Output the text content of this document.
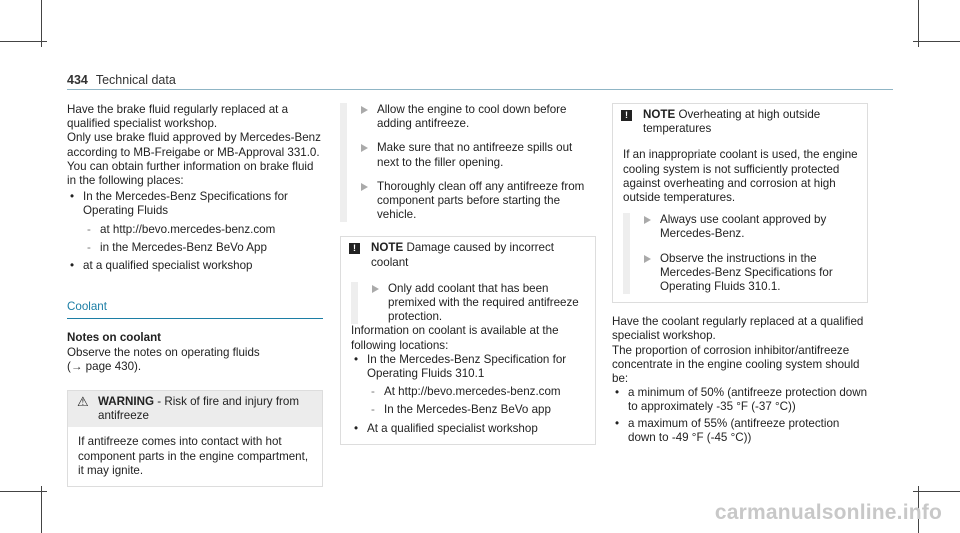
434 Technical data

Have the brake fluid regularly replaced at a qualified specialist workshop.

Only use brake fluid approved by Mercedes-Benz according to MB-Freigabe or MB-Approval 331.0.

You can obtain further information on brake fluid in the following places:

• In the Mercedes-Benz Specifications for Operating Fluids
- at http://bevo.mercedes-benz.com
- in the Mercedes-Benz BeVo App
• at a qualified specialist workshop
Coolant

Notes on coolant

Observe the notes on operating fluids

(→ page 430).

⚠ WARNING - Risk of fire and injury from antifreeze
If antifreeze comes into contact with hot component parts in the engine compartment, it may ignite.
Allow the engine to cool down before adding antifreeze.
Make sure that no antifreeze spills out next to the filler opening.
Thoroughly clean off any antifreeze from component parts before starting the vehicle.
!	NOTE Damage caused by incorrect coolant
Only add coolant that has been premixed with the required antifreeze protection.

Information on coolant is available at the following locations:

• In the Mercedes-Benz Specification for Operating Fluids 310.1
- At http://bevo.mercedes-benz.com
- In the Mercedes-Benz BeVo app
• At a qualified specialist workshop
!	NOTE Overheating at high outside temperatures

If an inappropriate coolant is used, the engine cooling system is not sufficiently protected against overheating and corrosion at high outside temperatures.

Always use coolant approved by Mercedes-Benz.
Observe the instructions in the Mercedes-Benz Specifications for Operating Fluids 310.1.

Have the coolant regularly replaced at a qualified specialist workshop.

The proportion of corrosion inhibitor/antifreeze concentrate in the engine cooling system should be:

• a minimum of 50% (antifreeze protection down to approximately -35 °F (-37 °C))
• a maximum of 55% (antifreeze protection down to -49 °F (-45 °C))
carmanualsonline.info
